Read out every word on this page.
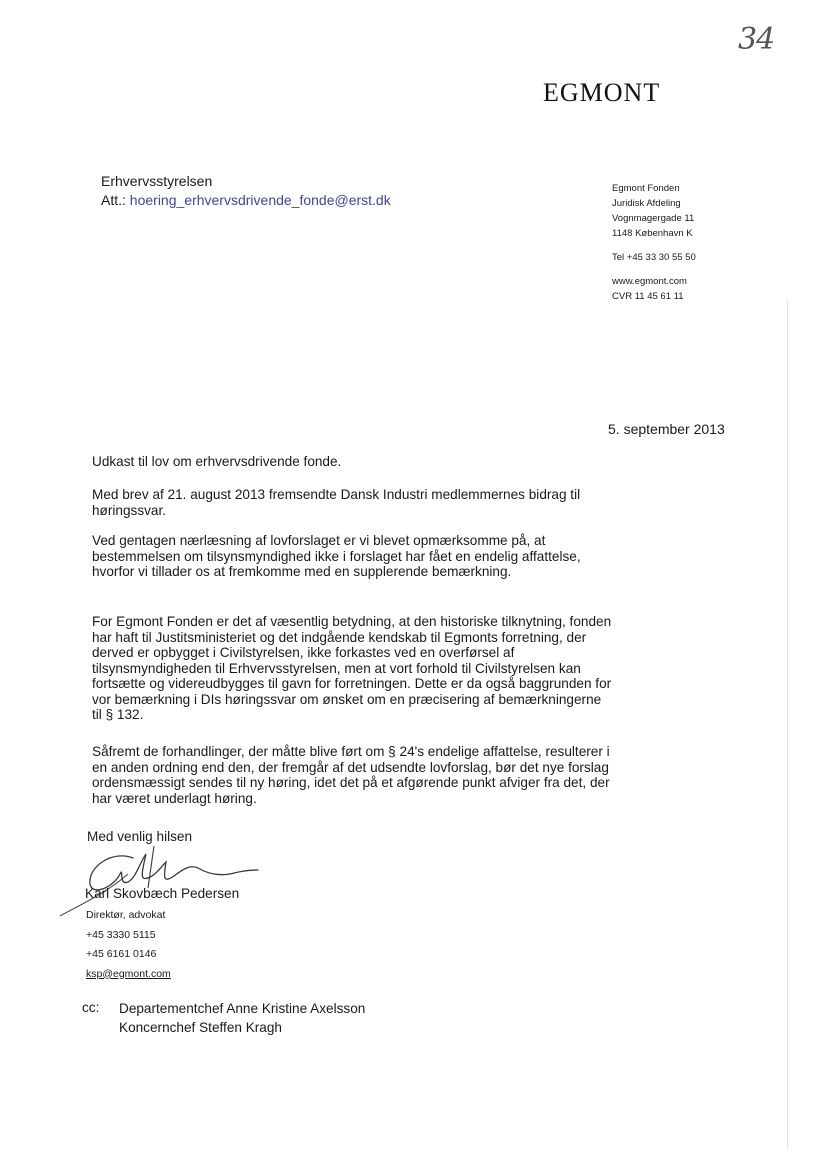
34
EGMONT
Erhvervsstyrelsen
Att.: hoering_erhvervsdrivende_fonde@erst.dk
Egmont Fonden
Juridisk Afdeling
Vognmagergade 11
1148 København K
Tel +45 33 30 55 50
www.egmont.com
CVR 11 45 61 11
5. september 2013

Udkast til lov om erhvervsdrivende fonde.

Med brev af 21. august 2013 fremsendte Dansk Industri medlemmernes bidrag til høringssvar.

Ved gentagen nærlæsning af lovforslaget er vi blevet opmærksomme på, at bestemmelsen om tilsynsmyndighed ikke i forslaget har fået en endelig affattelse, hvorfor vi tillader os at fremkomme med en supplerende bemærkning.

For Egmont Fonden er det af væsentlig betydning, at den historiske tilknytning, fonden har haft til Justitsministeriet og det indgående kendskab til Egmonts forretning, der derved er opbygget i Civilstyrelsen, ikke forkastes ved en overførsel af tilsynsmyndigheden til Erhvervsstyrelsen, men at vort forhold til Civilstyrelsen kan fortsætte og videreudbygges til gavn for forretningen. Dette er da også baggrunden for vor bemærkning i DIs høringssvar om ønsket om en præcisering af bemærkningerne til § 132.

Såfremt de forhandlinger, der måtte blive ført om § 24's endelige affattelse, resulterer i en anden ordning end den, der fremgår af det udsendte lovforslag, bør det nye forslag ordensmæssigt sendes til ny høring, idet det på et afgørende punkt afviger fra det, der har været underlagt høring.

Med venlig hilsen
Karl Skovbæch Pedersen
Direktør, advokat
+45 3330 5115
+45 6161 0146
ksp@egmont.com
cc: Departementchef Anne Kristine Axelsson
Koncernchef Steffen Kragh
